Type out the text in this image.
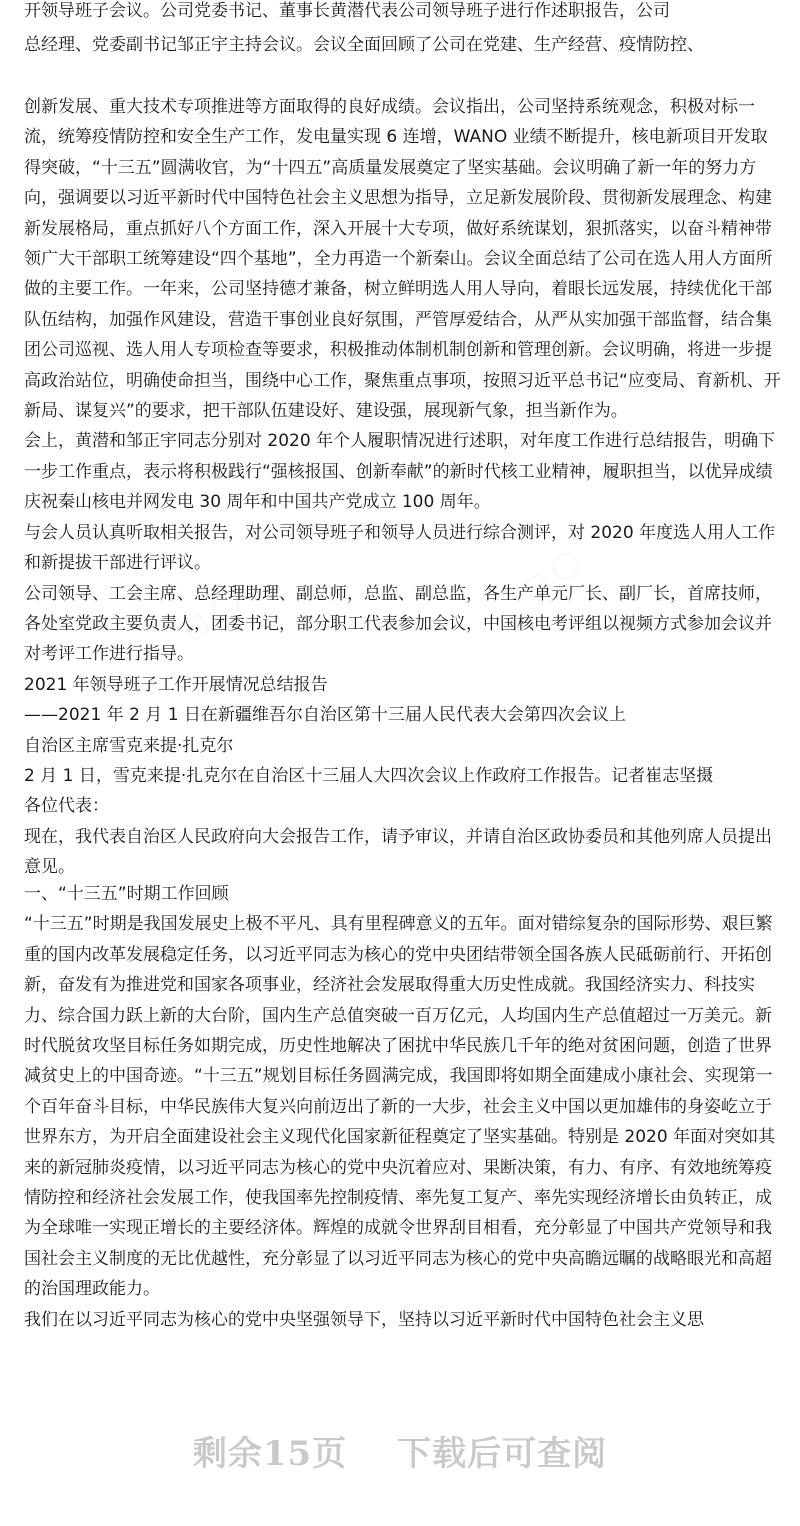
开领导班子会议。公司党委书记、董事长黄潜代表公司领导班子进行作述职报告，公司
总经理、党委副书记邹正宇主持会议。会议全面回顾了公司在党建、生产经营、疫情防控、

创新发展、重大技术专项推进等方面取得的良好成绩。会议指出，公司坚持系统观念，积极对标一流，统筹疫情防控和安全生产工作，发电量实现 6 连增，WANO 业绩不断提升，核电新项目开发取得突破，“十三五”圆满收官，为“十四五”高质量发展奠定了坚实基础。会议明确了新一年的努力方向，强调要以习近平新时代中国特色社会主义思想为指导，立足新发展阶段、贯彻新发展理念、构建新发展格局，重点抓好八个方面工作，深入开展十大专项，做好系统谋划，狠抓落实，以奋斗精神带领广大干部职工统筹建设“四个基地”，全力再造一个新秦山。会议全面总结了公司在选人用人方面所做的主要工作。一年来，公司坚持德才兼备，树立鲜明选人用人导向，着眼长远发展，持续优化干部队伍结构，加强作风建设，营造干事创业良好氛围，严管厚爱结合，从严从实加强干部监督，结合集团公司巡视、选人用人专项检查等要求，积极推动体制机制创新和管理创新。会议明确，将进一步提高政治站位，明确使命担当，围绕中心工作，聚焦重点事项，按照习近平总书记“应变局、育新机、开新局、谋复兴”的要求，把干部队伍建设好、建设强，展现新气象，担当新作为。

会上，黄潜和邹正宇同志分别对 2020 年个人履职情况进行述职，对年度工作进行总结报告，明确下一步工作重点，表示将积极践行“强核报国、创新奉献”的新时代核工业精神，履职担当，以优异成绩庆祝秦山核电并网发电 30 周年和中国共产党成立 100 周年。

与会人员认真听取相关报告，对公司领导班子和领导人员进行综合测评，对 2020 年度选人用人工作和新提拔干部进行评议。

公司领导、工会主席、总经理助理、副总师，总监、副总监，各生产单元厂长、副厂长，首席技师，各处室党政主要负责人，团委书记，部分职工代表参加会议，中国核电考评组以视频方式参加会议并对考评工作进行指导。

2021 年领导班子工作开展情况总结报告

——2021 年 2 月 1 日在新疆维吾尔自治区第十三届人民代表大会第四次会议上

自治区主席雪克来提·扎克尔

2 月 1 日，雪克来提·扎克尔在自治区十三届人大四次会议上作政府工作报告。记者崔志坚摄

各位代表：

现在，我代表自治区人民政府向大会报告工作，请予审议，并请自治区政协委员和其他列席人员提出意见。

一、“十三五”时期工作回顾

“十三五”时期是我国发展史上极不平凡、具有里程碑意义的五年。面对错综复杂的国际形势、艰巨繁重的国内改革发展稳定任务，以习近平同志为核心的党中央团结带领全国各族人民砥砺前行、开拓创新，奋发有为推进党和国家各项事业，经济社会发展取得重大历史性成就。我国经济实力、科技实力、综合国力跃上新的大台阶，国内生产总值突破一百万亿元，人均国内生产总值超过一万美元。新时代脱贫攻坚目标任务如期完成，历史性地解决了困扰中华民族几千年的绝对贫困问题，创造了世界减贫史上的中国奇迹。“十三五”规划目标任务圆满完成，我国即将如期全面建成小康社会、实现第一个百年奋斗目标，中华民族伟大复兴向前迈出了新的一大步，社会主义中国以更加雄伟的身姿屹立于世界东方，为开启全面建设社会主义现代化国家新征程奠定了坚实基础。特别是 2020 年面对突如其来的新冠肺炎疫情，以习近平同志为核心的党中央沉着应对、果断决策，有力、有序、有效地统筹疫情防控和经济社会发展工作，使我国率先控制疫情、率先复工复产、率先实现经济增长由负转正，成为全球唯一实现正增长的主要经济体。辉煌的成就令世界刮目相看，充分彰显了中国共产党领导和我国社会主义制度的无比优越性，充分彰显了以习近平同志为核心的党中央高瞻远瞩的战略眼光和高超的治国理政能力。

我们在以习近平同志为核心的党中央坚强领导下，坚持以习近平新时代中国特色社会主义思

剩余15页 下载后可查阅
